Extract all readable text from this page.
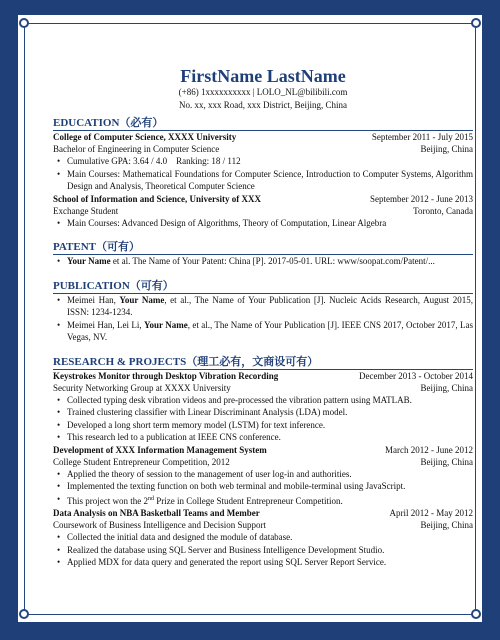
FirstName LastName
(+86) 1xxxxxxxxxx | LOLO_NL@bilibili.com
No. xx, xxx Road, xxx District, Beijing, China
EDUCATION（必有）
College of Computer Science, XXXX University	September 2011 - July 2015
Bachelor of Engineering in Computer Science	Beijing, China
• Cumulative GPA: 3.64 / 4.0    Ranking: 18 / 112
• Main Courses: Mathematical Foundations for Computer Science, Introduction to Computer Systems, Algorithm Design and Analysis, Theoretical Computer Science
School of Information and Science, University of XXX	September 2012 - June 2013
Exchange Student	Toronto, Canada
• Main Courses: Advanced Design of Algorithms, Theory of Computation, Linear Algebra
PATENT（可有）
• Your Name et al. The Name of Your Patent: China [P]. 2017-05-01. URL: www/soopat.com/Patent/...
PUBLICATION（可有）
• Meimei Han, Your Name, et al., The Name of Your Publication [J]. Nucleic Acids Research, August 2015, ISSN: 1234-1234.
• Meimei Han, Lei Li, Your Name, et al., The Name of Your Publication [J]. IEEE CNS 2017, October 2017, Las Vegas, NV.
RESEARCH & PROJECTS（理工必有，文商设可有）
Keystrokes Monitor through Desktop Vibration Recording	December 2013 - October 2014
Security Networking Group at XXXX University	Beijing, China
• Collected typing desk vibration videos and pre-processed the vibration pattern using MATLAB.
• Trained clustering classifier with Linear Discriminant Analysis (LDA) model.
• Developed a long short term memory model (LSTM) for text inference.
• This research led to a publication at IEEE CNS conference.
Development of XXX Information Management System	March 2012 - June 2012
College Student Entrepreneur Competition, 2012	Beijing, China
• Applied the theory of session to the management of user log-in and authorities.
• Implemented the texting function on both web terminal and mobile-terminal using JavaScript.
• This project won the 2nd Prize in College Student Entrepreneur Competition.
Data Analysis on NBA Basketball Teams and Member	April 2012 - May 2012
Coursework of Business Intelligence and Decision Support	Beijing, China
• Collected the initial data and designed the module of database.
• Realized the database using SQL Server and Business Intelligence Development Studio.
• Applied MDX for data query and generated the report using SQL Server Report Service.
